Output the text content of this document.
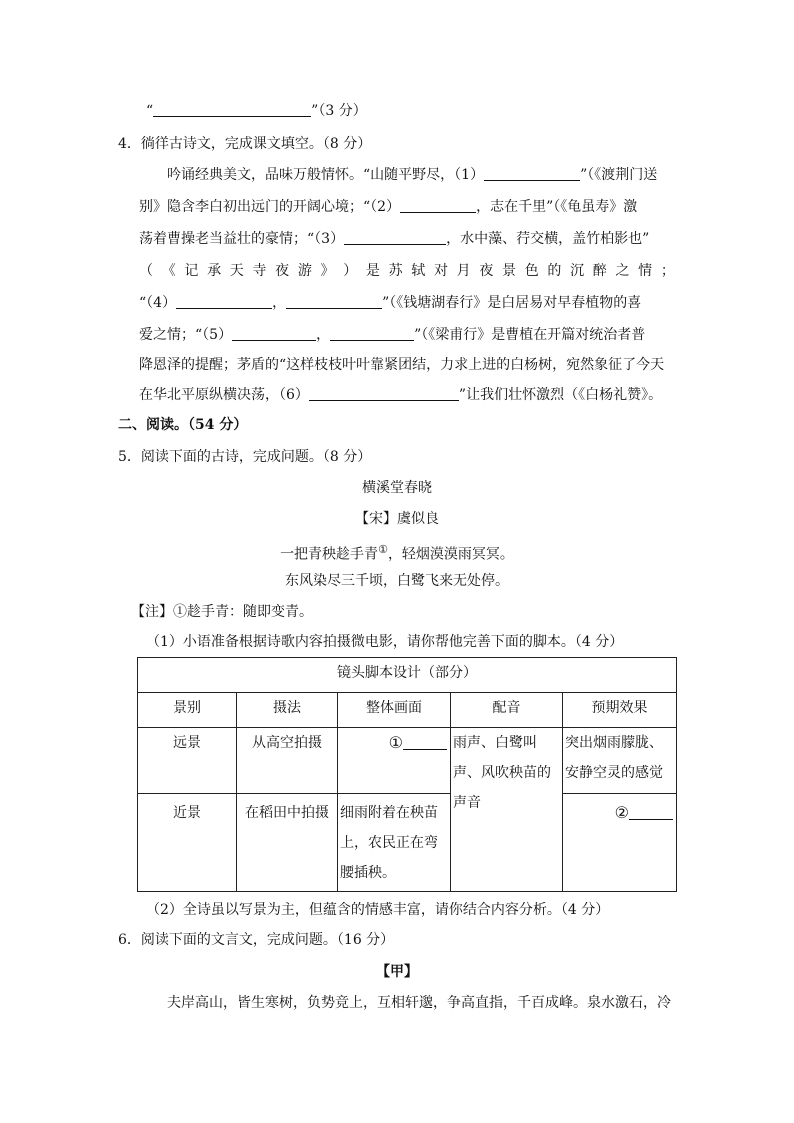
“	”（3 分）
4．徜徉古诗文，完成课文填空。（8 分）
吟诵经典美文，品味万般情怀。“山随平野尽，（1）	”（《渡荆门送
别》隐含李白初出远门的开阔心境；“（2）	，志在千里”（《龟虽寿》激
荡着曹操老当益壮的豪情；“（3）	，水中藻、荇交横，盖竹柏影也”
（ 《 记 承 天 寺 夜 游 》 ） 是 苏 轼 对 月 夜 景 色 的 沉 醉 之 情 ；
“（4）	，	”（《钱塘湖春行》是白居易对早春植物的喜
爱之情；“（5）	，	”（《梁甫行》是曹植在开篇对统治者普
降恩泽的提醒；茅盾的“这样枝枝叶叶靠紧团结，力求上进的白杨树，宛然象征了今天
在华北平原纵横决荡，（6）	”让我们壮怀激烈（《白杨礼赞》。
二、阅读。（54 分）
5．阅读下面的古诗，完成问题。（8 分）
横溪堂春晓
【宋】虞似良
一把青秧趁手青①，轻烟漠漠雨冥冥。
东风染尽三千顷，白鹭飞来无处停。
【注】①趁手青：随即变青。
（1）小语准备根据诗歌内容拍摄微电影，请你帮他完善下面的脚本。（4 分）
镜头脚本设计（部分）				
景别	摄法	整体画面	配音	预期效果
远景	从高空拍摄	①	雨声、白鹭叫声、风吹秧苗的声音	突出烟雨朦胧、安静空灵的感觉
近景	在稻田中拍摄	细雨附着在秧苗上，农民正在弯腰插秧。		②
（2）全诗虽以写景为主，但蕴含的情感丰富，请你结合内容分析。（4 分）
6．阅读下面的文言文，完成问题。（16 分）
【甲】
夫岸高山，皆生寒树，负势竞上，互相轩邈，争高直指，千百成峰。泉水激石，冷
